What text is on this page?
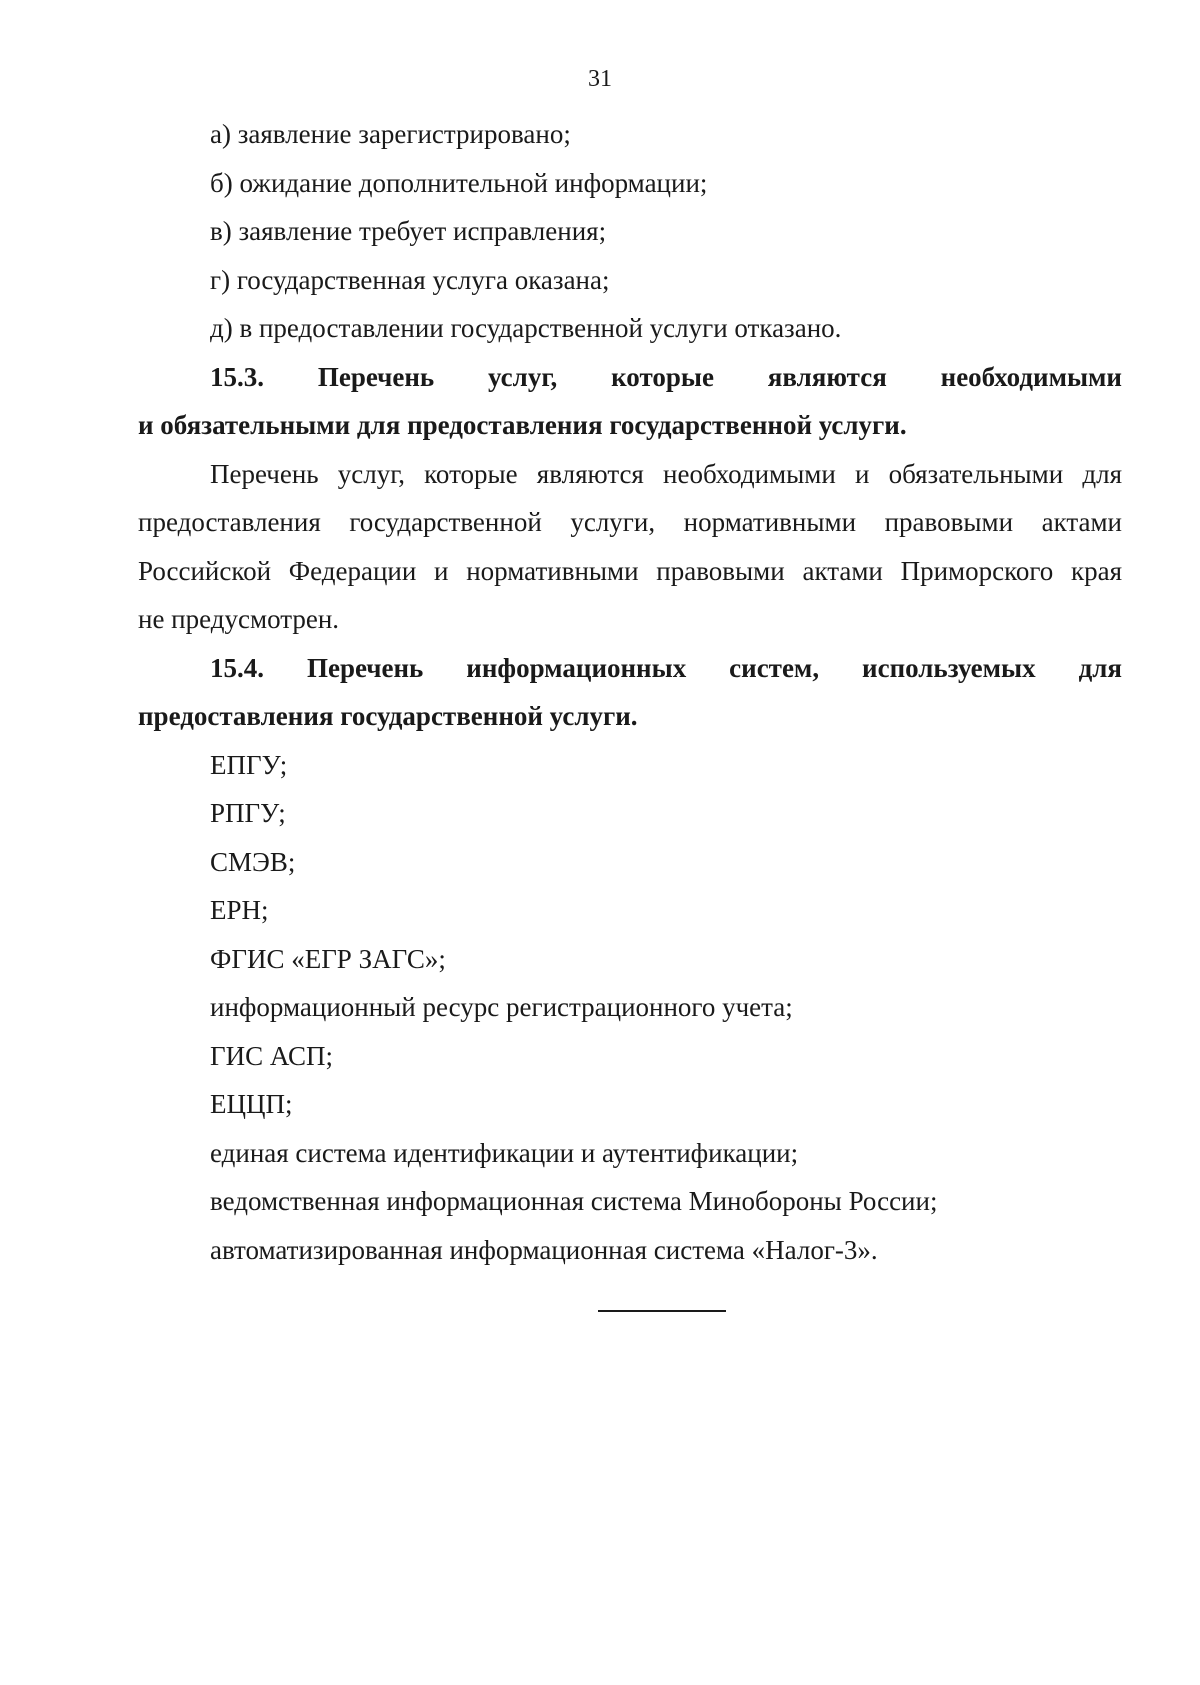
31
а) заявление зарегистрировано;
б) ожидание дополнительной информации;
в) заявление требует исправления;
г) государственная услуга оказана;
д) в предоставлении государственной услуги отказано.
15.3. Перечень услуг, которые являются необходимыми
и обязательными для предоставления государственной услуги.
Перечень услуг, которые являются необходимыми и обязательными для
предоставления государственной услуги, нормативными правовыми актами
Российской Федерации и нормативными правовыми актами Приморского края
не предусмотрен.
15.4. Перечень информационных систем, используемых для
предоставления государственной услуги.
ЕПГУ;
РПГУ;
СМЭВ;
ЕРН;
ФГИС «ЕГР ЗАГС»;
информационный ресурс регистрационного учета;
ГИС АСП;
ЕЦЦП;
единая система идентификации и аутентификации;
ведомственная информационная система Минобороны России;
автоматизированная информационная система «Налог-3».
